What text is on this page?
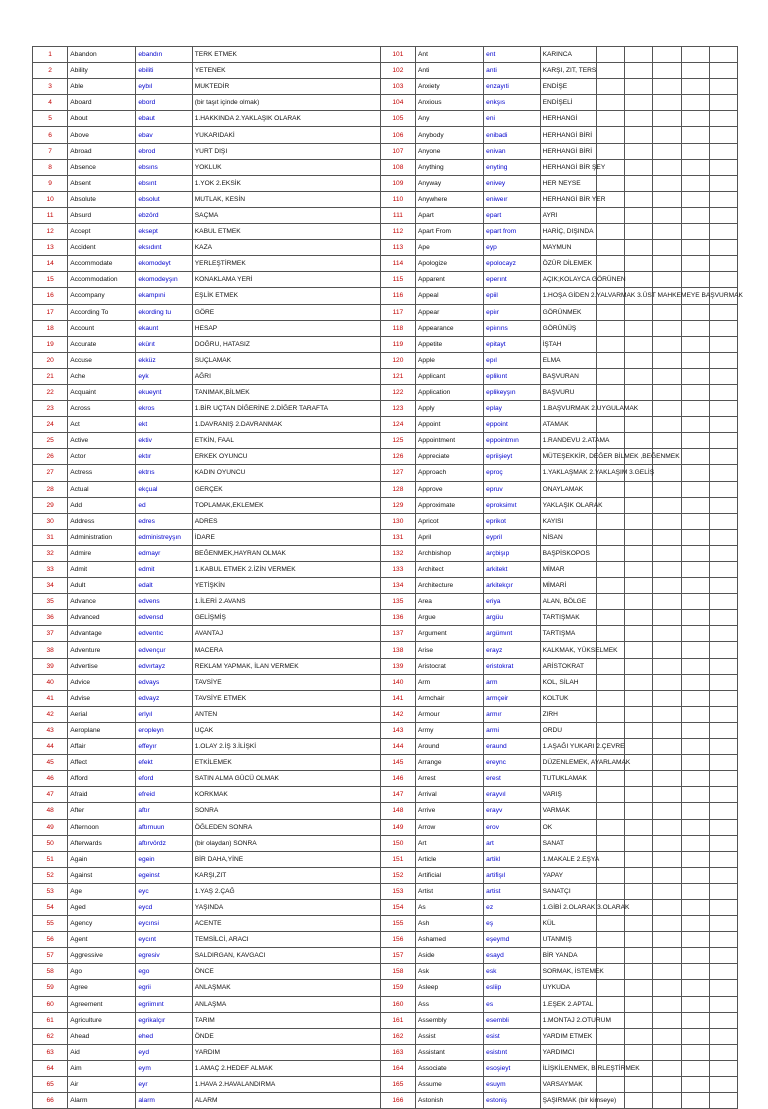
1	Abandon	ebandın	TERK ETMEK	101	Ant	ent	KARINCA					
2	Ability	ebiliti	YETENEK	102	Anti	anti	KARŞI, ZIT, TERS					
3	Able	eybıl	MUKTEDİR	103	Anxiety	enzayıti	ENDİŞE					
4	Aboard	ebord	(bir taşıt içinde olmak)	104	Anxious	enkşıs	ENDİŞELİ					
5	About	ebaut	1.HAKKINDA 2.YAKLAŞIK OLARAK	105	Any	eni	HERHANGİ					
6	Above	ebav	YUKARIDAKİ	106	Anybody	enibadi	HERHANGİ BİRİ					
7	Abroad	ebrod	YURT DIŞI	107	Anyone	enivan	HERHANGİ BİRİ					
8	Absence	ebsıns	YOKLUK	108	Anything	enyting	HERHANGİ BİR ŞEY					
9	Absent	ebsınt	1.YOK 2.EKSİK	109	Anyway	enivey	HER NEYSE					
10	Absolute	ebsolut	MUTLAK, KESİN	110	Anywhere	eniweır	HERHANGİ BİR YER					
11	Absurd	ebzörd	SAÇMA	111	Apart	epart	AYRI					
12	Accept	eksept	KABUL ETMEK	112	Apart From	epart from	HARİÇ, DIŞINDA					
13	Accident	eksıdınt	KAZA	113	Ape	eyp	MAYMUN					
14	Accommodate	ekomodeyt	YERLEŞTİRMEK	114	Apologize	epolocayz	ÖZÜR DİLEMEK					
15	Accommodation	ekomodeyşın	KONAKLAMA YERİ	115	Apparent	eperınt	AÇIK;KOLAYCA GÖRÜNEN					
16	Accompany	ekampıni	EŞLİK ETMEK	116	Appeal	epiil	1.HOŞA GİDEN 2.YALVARMAK 3.ÜST MAHKEMEYE BAŞVURMAK					
17	According To	ekording tu	GÖRE	117	Appear	epiır	GÖRÜNMEK					
18	Account	ekaunt	HESAP	118	Appearance	epiırıns	GÖRÜNÜŞ					
19	Accurate	ekürıt	DOĞRU, HATASIZ	119	Appetite	epitayt	İŞTAH					
20	Accuse	ekküz	SUÇLAMAK	120	Apple	epıl	ELMA					
21	Ache	eyk	AĞRI	121	Applicant	eplikınt	BAŞVURAN					
22	Acquaint	ekueynt	TANIMAK,BİLMEK	122	Application	eplikeyşın	BAŞVURU					
23	Across	ekros	1.BİR UÇTAN DİĞERİNE 2.DİĞER TARAFTA	123	Apply	eplay	1.BAŞVURMAK 2.UYGULAMAK					
24	Act	ekt	1.DAVRANIŞ 2.DAVRANMAK	124	Appoint	eppoint	ATAMAK					
25	Active	ektiv	ETKİN, FAAL	125	Appointment	eppointmın	1.RANDEVU 2.ATAMA					
26	Actor	ektır	ERKEK OYUNCU	126	Appreciate	epriişieyt	MÜTEŞEKKİR, DEĞER BİLMEK ,BEĞENMEK					
27	Actress	ektrıs	KADIN OYUNCU	127	Approach	eproç	1.YAKLAŞMAK 2.YAKLAŞIM 3.GELİŞ					
28	Actual	ekçual	GERÇEK	128	Approve	epruv	ONAYLAMAK					
29	Add	ed	TOPLAMAK,EKLEMEK	129	Approximate	eproksimıt	YAKLAŞIK OLARAK					
30	Address	edres	ADRES	130	Apricot	eprikot	KAYISI					
31	Administration	edministreyşın	İDARE	131	April	eypril	NİSAN					
32	Admire	edmayr	BEĞENMEK,HAYRAN OLMAK	132	Archbishop	arçbişıp	BAŞPİSKOPOS					
33	Admit	edmit	1.KABUL ETMEK 2.İZİN VERMEK	133	Architect	arkitekt	MİMAR					
34	Adult	edalt	YETİŞKİN	134	Architecture	arkitekçır	MİMARİ					
35	Advance	edvens	1.İLERİ 2.AVANS	135	Area	eriya	ALAN, BÖLGE					
36	Advanced	edvensd	GELİŞMİŞ	136	Argue	argüu	TARTIŞMAK					
37	Advantage	edventıc	AVANTAJ	137	Argument	argümınt	TARTIŞMA					
38	Adventure	edvençur	MACERA	138	Arise	erayz	KALKMAK, YÜKSELMEK					
39	Advertise	edvırtayz	REKLAM YAPMAK, İLAN VERMEK	139	Aristocrat	eristokrat	ARİSTOKRAT					
40	Advice	edvays	TAVSİYE	140	Arm	arm	KOL, SİLAH					
41	Advise	edvayz	TAVSİYE ETMEK	141	Armchair	armçeir	KOLTUK					
42	Aerial	erlyıl	ANTEN	142	Armour	armır	ZIRH					
43	Aeroplane	eropleyn	UÇAK	143	Army	armi	ORDU					
44	Affair	effeyır	1.OLAY 2.İŞ 3.İLİŞKİ	144	Around	eraund	1.AŞAĞI YUKARI 2.ÇEVRE					
45	Affect	efekt	ETKİLEMEK	145	Arrange	ereync	DÜZENLEMEK, AYARLAMAK					
46	Afford	eford	SATIN ALMA GÜCÜ OLMAK	146	Arrest	erest	TUTUKLAMAK					
47	Afraid	efreid	KORKMAK	147	Arrival	erayvıl	VARIŞ					
48	After	aftır	SONRA	148	Arrive	erayv	VARMAK					
49	Afternoon	aftırnuun	ÖĞLEDEN SONRA	149	Arrow	erov	OK					
50	Afterwards	aftırvördz	(bir olaydan) SONRA	150	Art	art	SANAT					
51	Again	egein	BİR DAHA,YİNE	151	Article	artikl	1.MAKALE 2.EŞYA					
52	Against	egeinst	KARŞI,ZIT	152	Artificial	artifişıl	YAPAY					
53	Age	eyc	1.YAŞ 2.ÇAĞ	153	Artist	artist	SANATÇI					
54	Aged	eycd	YAŞINDA	154	As	ez	1.GİBİ 2.OLARAK 3.OLARAK					
55	Agency	eycınsi	ACENTE	155	Ash	eş	KÜL					
56	Agent	eycınt	TEMSİLCİ, ARACI	156	Ashamed	eşeymd	UTANMIŞ					
57	Aggressive	egresiv	SALDIRGAN, KAVGACI	157	Aside	esayd	BİR YANDA					
58	Ago	ego	ÖNCE	158	Ask	esk	SORMAK, İSTEMEK					
59	Agree	egrii	ANLAŞMAK	159	Asleep	esliip	UYKUDA					
60	Agreement	egriimınt	ANLAŞMA	160	Ass	es	1.EŞEK 2.APTAL					
61	Agriculture	egrikalçır	TARIM	161	Assembly	esembli	1.MONTAJ 2.OTURUM					
62	Ahead	ehed	ÖNDE	162	Assist	esist	YARDIM ETMEK					
63	Aid	eyd	YARDIM	163	Assistant	esistınt	YARDIMCI					
64	Aim	eym	1.AMAÇ 2.HEDEF ALMAK	164	Associate	esoşieyt	İLİŞKİLENMEK, BİRLEŞTİRMEK					
65	Air	eyr	1.HAVA 2.HAVALANDIRMA	165	Assume	esuym	VARSAYMAK					
66	Alarm	alarm	ALARM	166	Astonish	estoniş	ŞAŞIRMAK (bir kimseye)					
